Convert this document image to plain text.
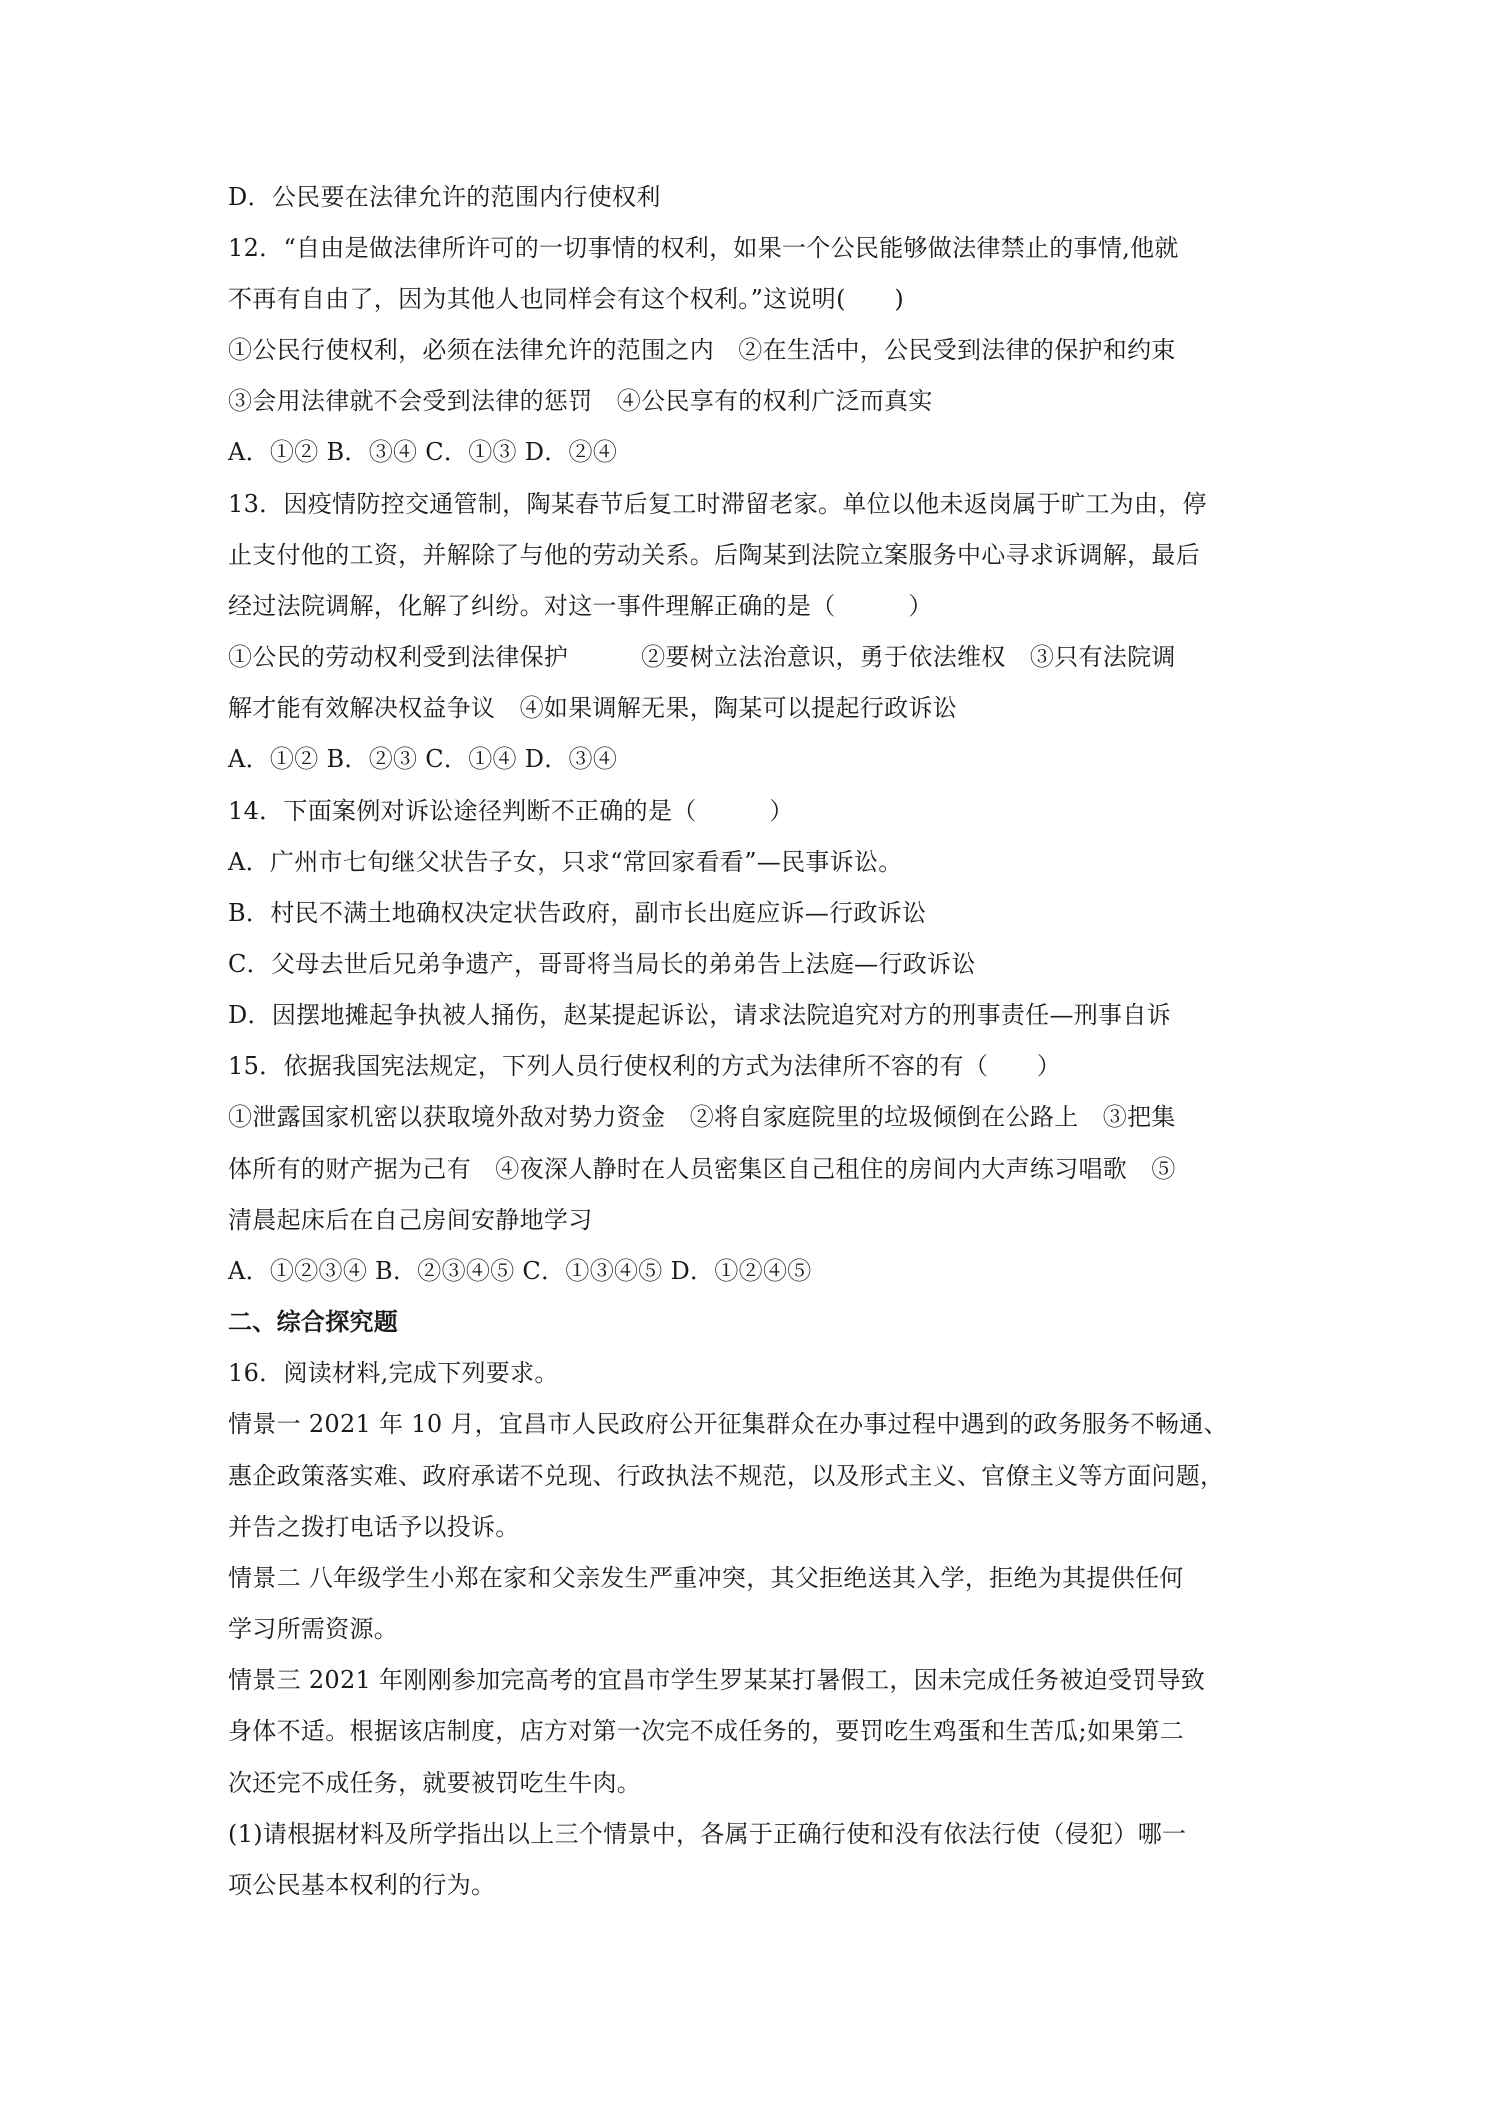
D．公民要在法律允许的范围内行使权利
12．“自由是做法律所许可的一切事情的权利，如果一个公民能够做法律禁止的事情,他就
不再有自由了，因为其他人也同样会有这个权利。”这说明(　　)
①公民行使权利，必须在法律允许的范围之内　②在生活中，公民受到法律的保护和约束
③会用法律就不会受到法律的惩罚　④公民享有的权利广泛而真实
A．①② B．③④ C．①③ D．②④
13．因疫情防控交通管制，陶某春节后复工时滞留老家。单位以他未返岗属于旷工为由，停
止支付他的工资，并解除了与他的劳动关系。后陶某到法院立案服务中心寻求诉调解，最后
经过法院调解，化解了纠纷。对这一事件理解正确的是（　　　）
①公民的劳动权利受到法律保护　　　②要树立法治意识，勇于依法维权　③只有法院调
解才能有效解决权益争议　④如果调解无果，陶某可以提起行政诉讼
A．①② B．②③ C．①④ D．③④
14．下面案例对诉讼途径判断不正确的是（　　　）
A．广州市七旬继父状告子女，只求“常回家看看”—民事诉讼。
B．村民不满土地确权决定状告政府，副市长出庭应诉—行政诉讼
C．父母去世后兄弟争遗产，哥哥将当局长的弟弟告上法庭—行政诉讼
D．因摆地摊起争执被人捅伤，赵某提起诉讼，请求法院追究对方的刑事责任—刑事自诉
15．依据我国宪法规定，下列人员行使权利的方式为法律所不容的有（　　）
①泄露国家机密以获取境外敌对势力资金　②将自家庭院里的垃圾倾倒在公路上　③把集
体所有的财产据为己有　④夜深人静时在人员密集区自己租住的房间内大声练习唱歌　⑤
清晨起床后在自己房间安静地学习
A．①②③④ B．②③④⑤ C．①③④⑤ D．①②④⑤
二、综合探究题
16．阅读材料,完成下列要求。
情景一 2021 年 10 月，宜昌市人民政府公开征集群众在办事过程中遇到的政务服务不畅通、
惠企政策落实难、政府承诺不兑现、行政执法不规范，以及形式主义、官僚主义等方面问题，
并告之拨打电话予以投诉。
情景二 八年级学生小郑在家和父亲发生严重冲突，其父拒绝送其入学，拒绝为其提供任何
学习所需资源。
情景三 2021 年刚刚参加完高考的宜昌市学生罗某某打暑假工，因未完成任务被迫受罚导致
身体不适。根据该店制度，店方对第一次完不成任务的，要罚吃生鸡蛋和生苦瓜;如果第二
次还完不成任务，就要被罚吃生牛肉。
(1)请根据材料及所学指出以上三个情景中，各属于正确行使和没有依法行使（侵犯）哪一
项公民基本权利的行为。
